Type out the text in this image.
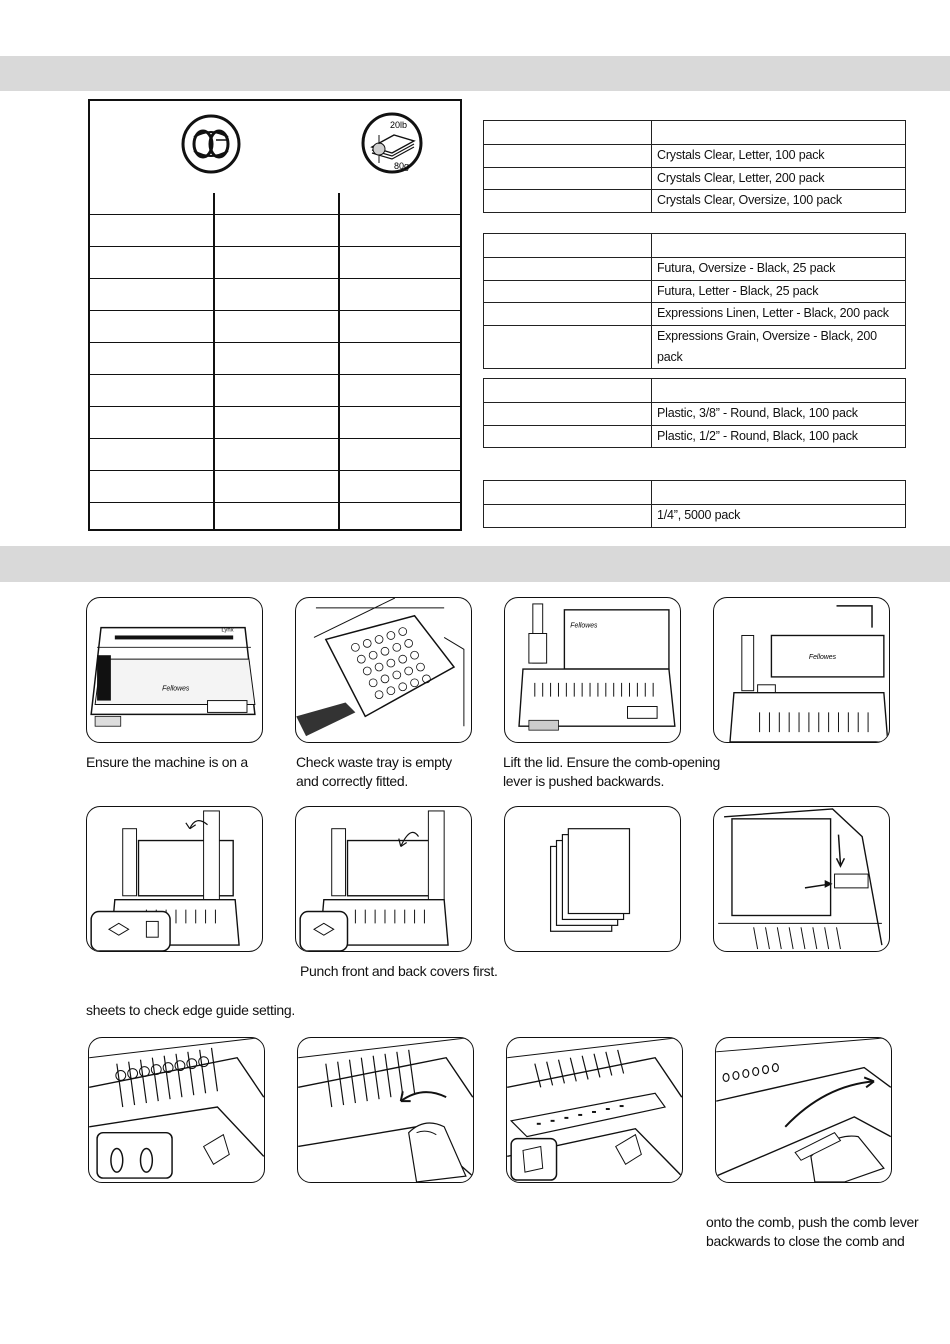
20lb
80g

	Crystals Clear, Letter, 100 pack
	Crystals Clear, Letter, 200 pack
	Crystals Clear, Oversize, 100 pack

	Futura, Oversize - Black, 25 pack
	Futura, Letter - Black, 25 pack
	Expressions Linen, Letter - Black, 200 pack
	Expressions Grain, Oversize - Black, 200 pack

	Plastic, 3/8” - Round, Black, 100 pack
	Plastic, 1/2” - Round, Black, 100 pack

	1/4”, 5000 pack
Lynx
Fellowes
Fellowes
Fellowes
Ensure the machine is on a	Check waste tray is empty
and correctly fitted.
Lift the lid. Ensure the comb-opening
lever is pushed backwards.
Punch front and back covers first.
sheets to check edge guide setting.
onto the comb, push the comb lever
backwards to close the comb and
